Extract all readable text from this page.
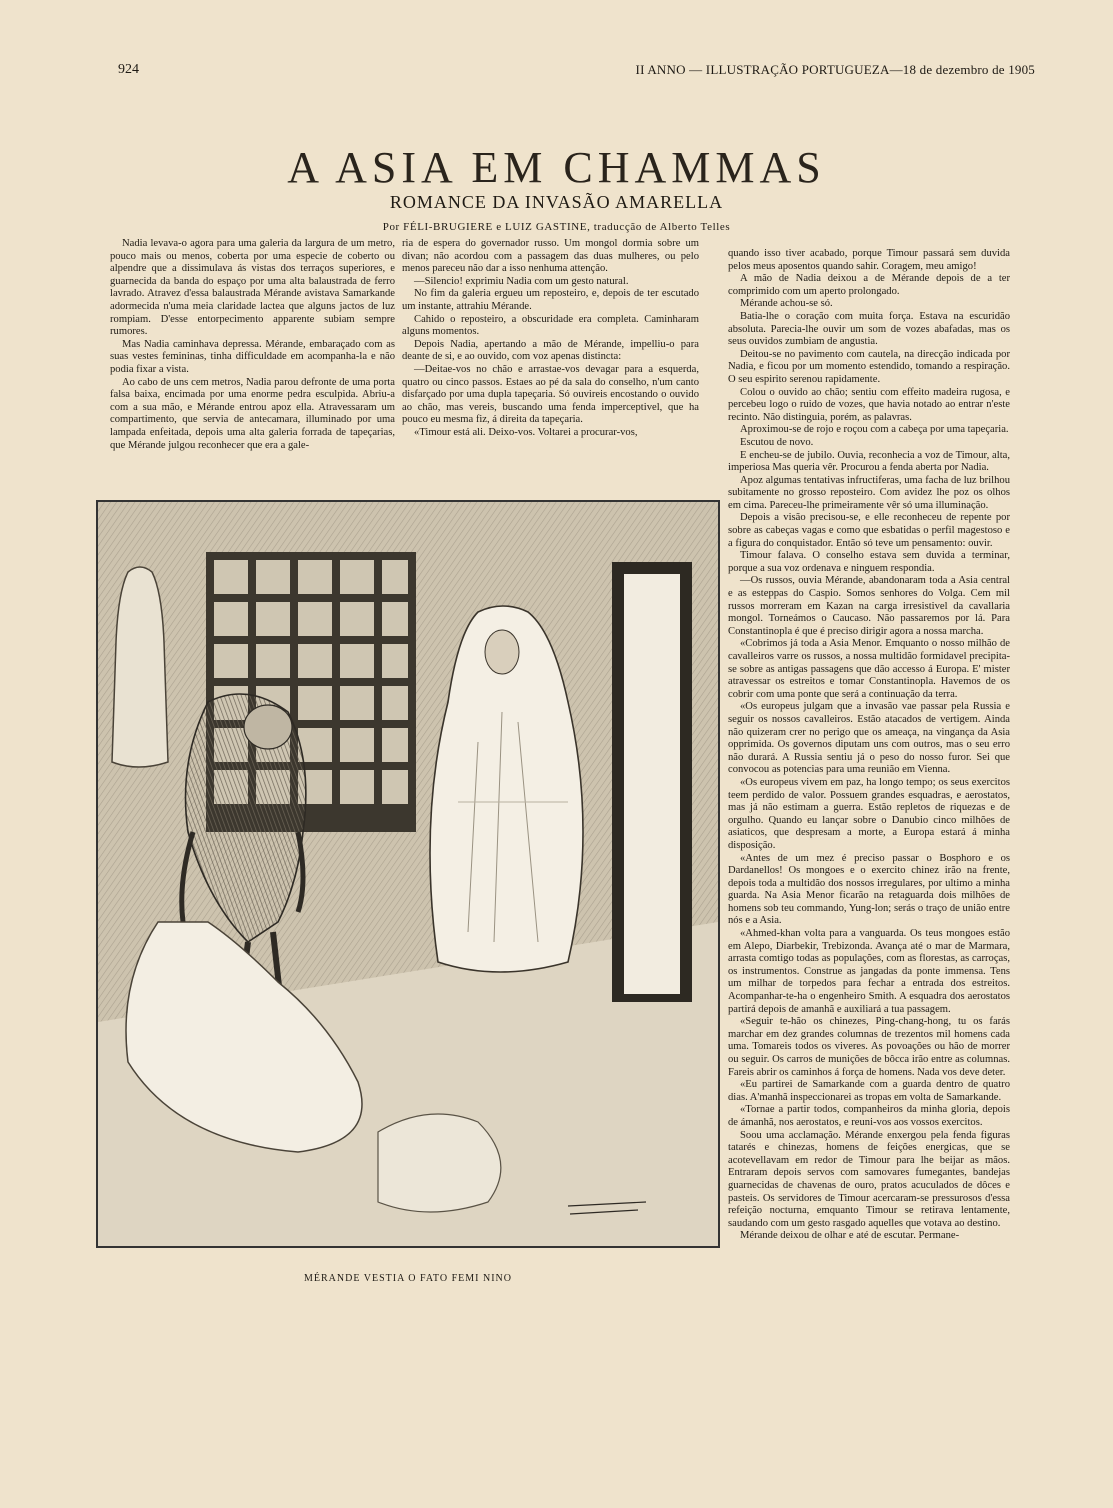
924	II ANNO — ILLUSTRAÇÃO PORTUGUEZA—18 de dezembro de 1905
A ASIA EM CHAMMAS
ROMANCE DA INVASÃO AMARELLA
Por FÉLI-BRUGIERE e LUIZ GASTINE, traducção de Alberto Telles

Nadia levava-o agora para uma galeria da largura de um metro, pouco mais ou menos, coberta por uma especie de coberto ou alpendre que a dissimulava ás vistas dos terraços superiores, e guarnecida da banda do espaço por uma alta balaustrada de ferro lavrado. Atravez d'essa balaustrada Mérande avistava Samarkande adormecida n'uma meia claridade lactea que alguns jactos de luz rompiam. D'esse entorpecimento apparente subiam sempre rumores.

Mas Nadia caminhava depressa. Mérande, embaraçado com as suas vestes femininas, tinha difficuldade em acompanha-la e não podia fixar a vista.

Ao cabo de uns cem metros, Nadia parou defronte de uma porta falsa baixa, encimada por uma enorme pedra esculpida. Abriu-a com a sua mão, e Mérande entrou apoz ella. Atravessaram um compartimento, que servia de antecamara, illuminado por uma lampada enfeitada, depois uma alta galeria forrada de tapeçarias, que Mérande julgou reconhecer que era a gale-

ria de espera do governador russo. Um mongol dormia sobre um divan; não acordou com a passagem das duas mulheres, ou pelo menos pareceu não dar a isso nenhuma attenção.

—Silencio! exprimiu Nadia com um gesto natural.

No fim da galeria ergueu um reposteiro, e, depois de ter escutado um instante, attrahiu Mérande.

Cahido o reposteiro, a obscuridade era completa. Caminharam alguns momentos.

Depois Nadia, apertando a mão de Mérande, impelliu-o para deante de si, e ao ouvido, com voz apenas distincta:

—Deitae-vos no chão e arrastae-vos devagar para a esquerda, quatro ou cinco passos. Estaes ao pé da sala do conselho, n'um canto disfarçado por uma dupla tapeçaria. Só ouvireis encostando o ouvido ao chão, mas vereis, buscando uma fenda imperceptivel, que ha pouco eu mesma fiz, á direita da tapeçaria.

«Timour está ali. Deixo-vos. Voltarei a procurar-vos,

MÉRANDE VESTIA O FATO FEMI NINO

quando isso tiver acabado, porque Timour passará sem duvida pelos meus aposentos quando sahir. Coragem, meu amigo!

A mão de Nadia deixou a de Mérande depois de a ter comprimido com um aperto prolongado.

Mérande achou-se só.

Batia-lhe o coração com muita força. Estava na escuridão absoluta. Parecia-lhe ouvir um som de vozes abafadas, mas os seus ouvidos zumbiam de angustia.

Deitou-se no pavimento com cautela, na direcção indicada por Nadia, e ficou por um momento estendido, tomando a respiração. O seu espirito serenou rapidamente.

Colou o ouvido ao chão; sentiu com effeito madeira rugosa, e percebeu logo o ruido de vozes, que havia notado ao entrar n'este recinto. Não distinguia, porém, as palavras.

Aproximou-se de rojo e roçou com a cabeça por uma tapeçaria.

Escutou de novo.

E encheu-se de jubilo. Ouvia, reconhecia a voz de Timour, alta, imperiosa Mas queria vêr. Procurou a fenda aberta por Nadia.

Apoz algumas tentativas infructiferas, uma facha de luz brilhou subitamente no grosso reposteiro. Com avidez lhe poz os olhos em cima. Pareceu-lhe primeiramente vêr só uma illuminação.

Depois a visão precisou-se, e elle reconheceu de repente por sobre as cabeças vagas e como que esbatidas o perfil magestoso e a figura do conquistador. Então só teve um pensamento: ouvir.

Timour falava. O conselho estava sem duvida a terminar, porque a sua voz ordenava e ninguem respondia.

—Os russos, ouvia Mérande, abandonaram toda a Asia central e as esteppas do Caspio. Somos senhores do Volga. Cem mil russos morreram em Kazan na carga irresistivel da cavallaria mongol. Torneámos o Caucaso. Não passaremos por lá. Para Constantinopla é que é preciso dirigir agora a nossa marcha.

«Cobrimos já toda a Asia Menor. Emquanto o nosso milhão de cavalleiros varre os russos, a nossa multidão formidavel precipita-se sobre as antigas passagens que dão accesso á Europa. E' mister atravessar os estreitos e tomar Constantinopla. Havemos de os cobrir com uma ponte que será a continuação da terra.

«Os europeus julgam que a invasão vae passar pela Russia e seguir os nossos cavalleiros. Estão atacados de vertigem. Ainda não quizeram crer no perigo que os ameaça, na vingança da Asia opprimida. Os governos diputam uns com outros, mas o seu erro não durará. A Russia sentiu já o peso do nosso furor. Sei que convocou as potencias para uma reunião em Vienna.

«Os europeus vivem em paz, ha longo tempo; os seus exercitos teem perdido de valor. Possuem grandes esquadras, e aerostatos, mas já não estimam a guerra. Estão repletos de riquezas e de orgulho. Quando eu lançar sobre o Danubio cinco milhões de asiaticos, que despresam a morte, a Europa estará á minha disposição.

«Antes de um mez é preciso passar o Bosphoro e os Dardanellos! Os mongoes e o exercito chinez irão na frente, depois toda a multidão dos nossos irregulares, por ultimo a minha guarda. Na Asia Menor ficarão na retaguarda dois milhões de homens sob teu commando, Yung-lon; serás o traço de união entre nós e a Asia.

«Ahmed-khan volta para a vanguarda. Os teus mongoes estão em Alepo, Diarbekir, Trebizonda. Avança até o mar de Marmara, arrasta comtigo todas as populações, com as florestas, as carroças, os instrumentos. Construe as jangadas da ponte immensa. Tens um milhar de torpedos para fechar a entrada dos estreitos. Acompanhar-te-ha o engenheiro Smith. A esquadra dos aerostatos partirá depois de amanhã e auxiliará a tua passagem.

«Seguir te-hão os chinezes, Ping-chang-hong, tu os farás marchar em dez grandes columnas de trezentos mil homens cada uma. Tomareis todos os viveres. As povoações ou hão de morrer ou seguir. Os carros de munições de bôcca irão entre as columnas. Fareis abrir os caminhos á força de homens. Nada vos deve deter.

«Eu partirei de Samarkande com a guarda dentro de quatro dias. A'manhã inspeccionarei as tropas em volta de Samarkande.

«Tornae a partir todos, companheiros da minha gloria, depois de ámanhã, nos aerostatos, e reuni-vos aos vossos exercitos.

Soou uma acclamação. Mérande enxergou pela fenda figuras tatarés e chinezas, homens de feições energicas, que se acotevellavam em redor de Timour para lhe beijar as mãos. Entraram depois servos com samovares fumegantes, bandejas guarnecidas de chavenas de ouro, pratos acuculados de dôces e pasteis. Os servidores de Timour acercaram-se pressurosos d'essa refeição nocturna, emquanto Timour se retirava lentamente, saudando com um gesto rasgado aquelles que votava ao destino.

Mérande deixou de olhar e até de escutar. Permane-
